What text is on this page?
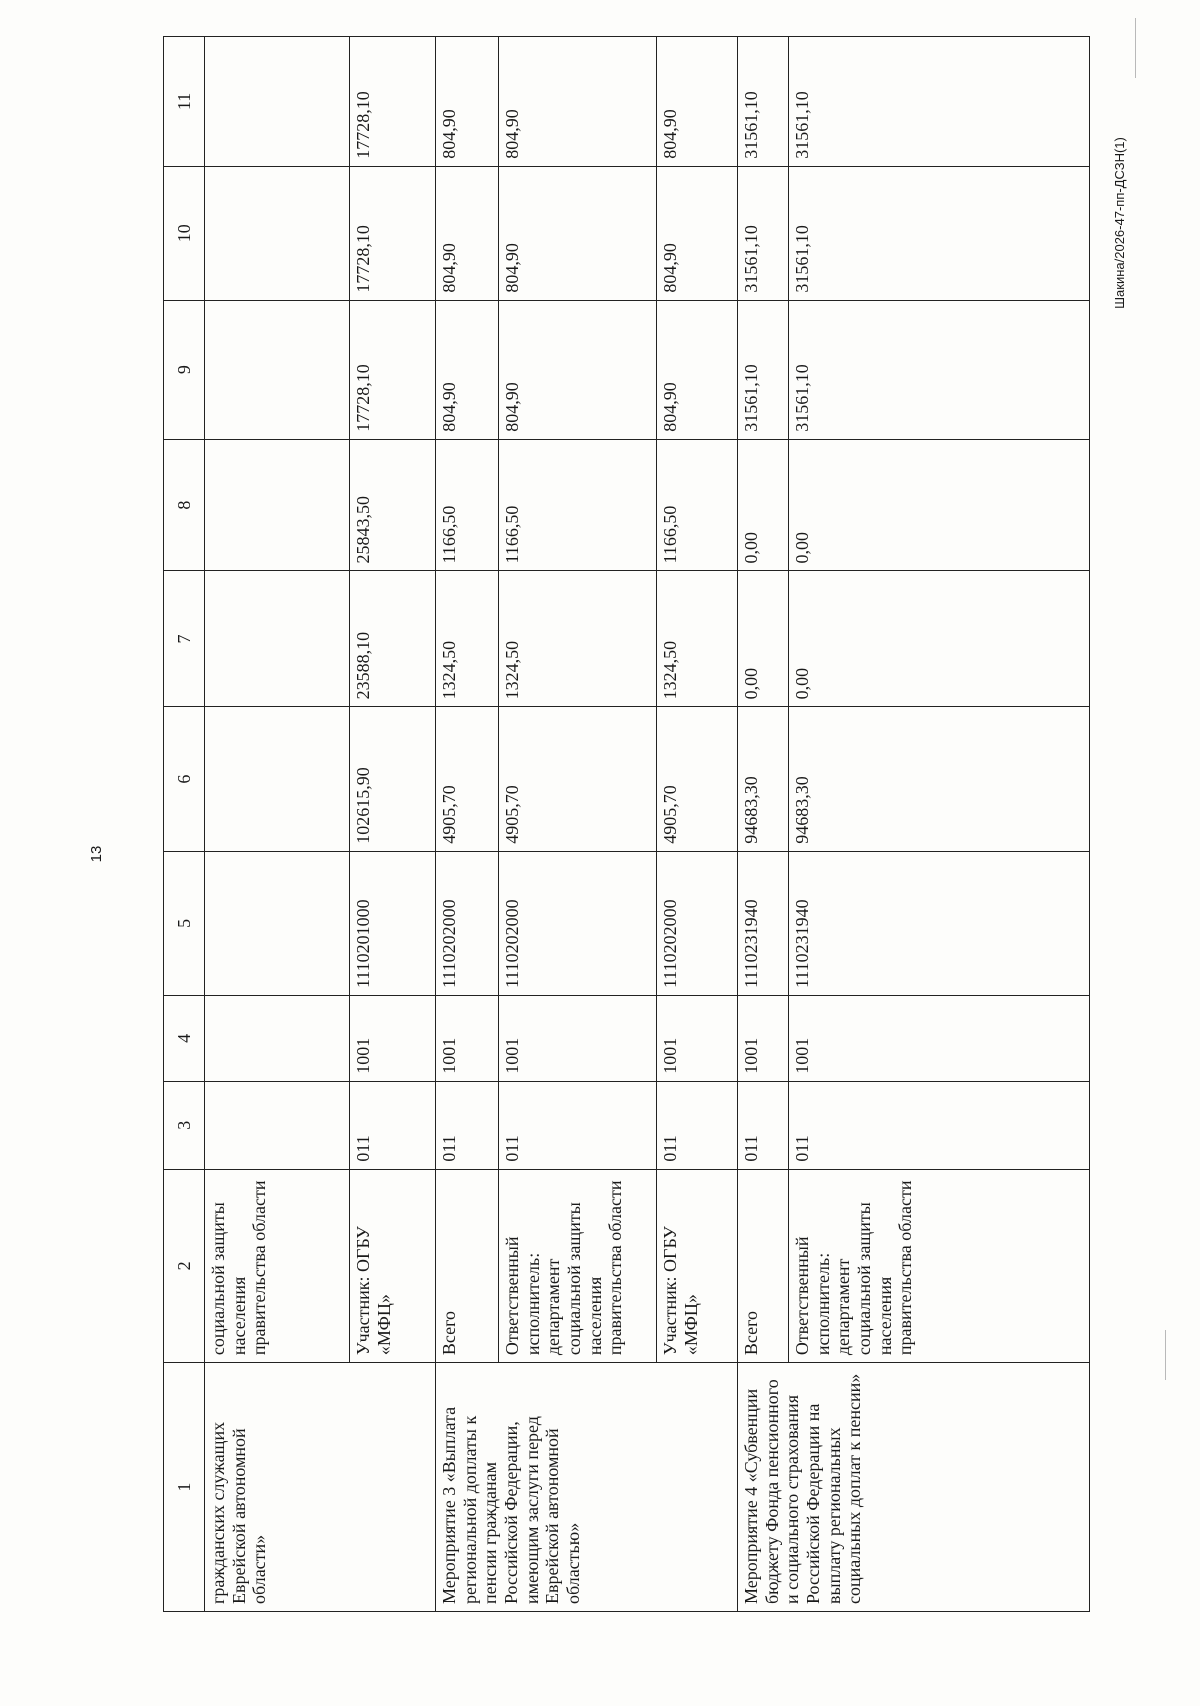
13
Шакина/2026-47-пп-ДСЗН(1)
1	2	3	4	5	6	7	8	9	10	11
гражданских служащих Еврейской автономной области»	социальной защиты населения правительства области									
	Участник: ОГБУ «МФЦ»	011	1001	1110201000	102615,90	23588,10	25843,50	17728,10	17728,10	17728,10
Мероприятие 3 «Выплата региональной доплаты к пенсии гражданам Российской Федерации, имеющим заслуги перед Еврейской автономной областью»	Всего	011	1001	1110202000	4905,70	1324,50	1166,50	804,90	804,90	804,90
	Ответственный исполнитель: департамент социальной защиты населения правительства области	011	1001	1110202000	4905,70	1324,50	1166,50	804,90	804,90	804,90
	Участник: ОГБУ «МФЦ»	011	1001	1110202000	4905,70	1324,50	1166,50	804,90	804,90	804,90
Мероприятие 4 «Субвенции бюджету Фонда пенсионного и социального страхования Российской Федерации на выплату региональных социальных доплат к пенсии»	Всего	011	1001	1110231940	94683,30	0,00	0,00	31561,10	31561,10	31561,10
	Ответственный исполнитель: департамент социальной защиты населения правительства области	011	1001	1110231940	94683,30	0,00	0,00	31561,10	31561,10	31561,10
